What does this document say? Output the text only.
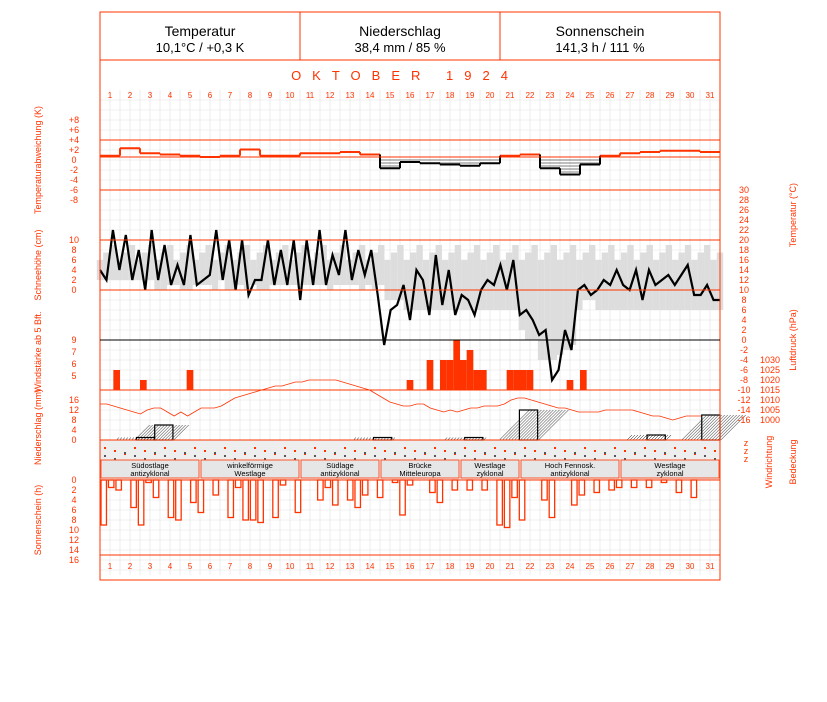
Südostlage
antizyklonal
winkelförmige
Westlage
Südlage
antizyklonal
Brücke
Mitteleuropa
Westlage
zyklonal
Hoch Fennosk.
antizyklonal
Westlage
zyklonal
Temperatur
10,1°C / +0,3 K
Niederschlag
38,4 mm / 85 %
Sonnenschein
141,3 h / 111 %
OKTOBER 1924
Temperaturabweichung (K)
Schneehöhe (cm)
Windstärke ab 5 Bft.
Niederschlag (mm)
Sonnenschein (h)
Temperatur (°C)
Luftdruck (hPa)
Windrichtung Bedeckung
1
1
2
2
3
3
4
4
5
5
6
6
7
7
8
8
9
9
10
10
11
11
12
12
13
13
14
14
15
15
16
16
17
17
18
18
19
19
20
20
21
21
22
22
23
23
24
24
25
25
26
26
27
27
28
28
29
29
30
30
31
31
+8
+6
+4
+2
0
-2
-4
-6
-8
10
8
6
4
2
0
9
7
6
5
16
12
8
4
0
0
2
4
6
8
10
12
14
16
30
28
26
24
22
20
18
16
14
12
10
8
6
4
2
0
-2
-4
-6
-8
-10
-12
-14
-16
1030
1025
1020
1015
1010
1005
1000
z
z
z
